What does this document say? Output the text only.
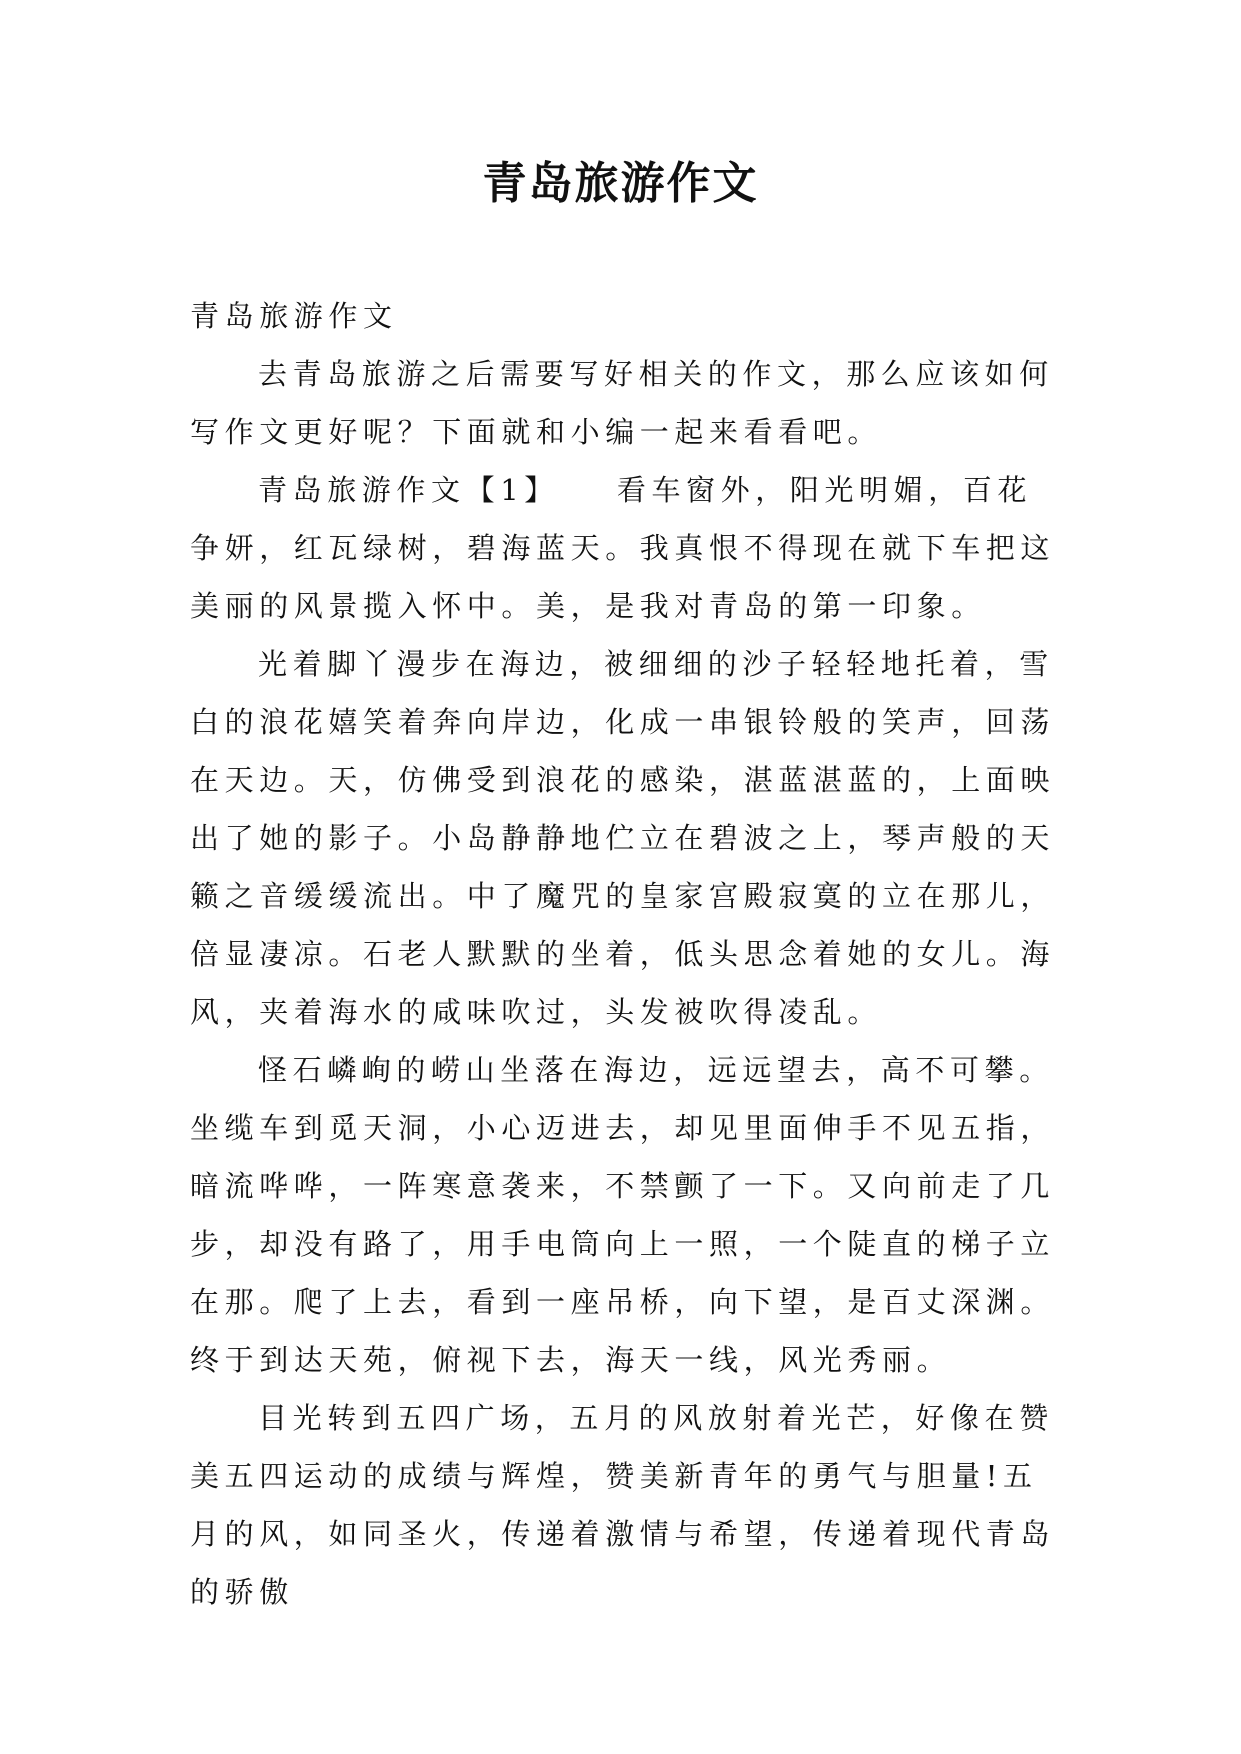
青岛旅游作文

青岛旅游作文

去青岛旅游之后需要写好相关的作文，那么应该如何写作文更好呢？下面就和小编一起来看看吧。

青岛旅游作文【1】 看车窗外，阳光明媚，百花争妍，红瓦绿树，碧海蓝天。我真恨不得现在就下车把这美丽的风景揽入怀中。美，是我对青岛的第一印象。

光着脚丫漫步在海边，被细细的沙子轻轻地托着，雪白的浪花嬉笑着奔向岸边，化成一串银铃般的笑声，回荡在天边。天，仿佛受到浪花的感染，湛蓝湛蓝的，上面映出了她的影子。小岛静静地伫立在碧波之上，琴声般的天籁之音缓缓流出。中了魔咒的皇家宫殿寂寞的立在那儿，倍显凄凉。石老人默默的坐着，低头思念着她的女儿。海风，夹着海水的咸味吹过，头发被吹得凌乱。

怪石嶙峋的崂山坐落在海边，远远望去，高不可攀。坐缆车到觅天洞，小心迈进去，却见里面伸手不见五指，暗流哗哗，一阵寒意袭来，不禁颤了一下。又向前走了几步，却没有路了，用手电筒向上一照，一个陡直的梯子立在那。爬了上去，看到一座吊桥，向下望，是百丈深渊。终于到达天苑，俯视下去，海天一线，风光秀丽。

目光转到五四广场，五月的风放射着光芒，好像在赞美五四运动的成绩与辉煌，赞美新青年的勇气与胆量!五月的风，如同圣火，传递着激情与希望，传递着现代青岛的骄傲
